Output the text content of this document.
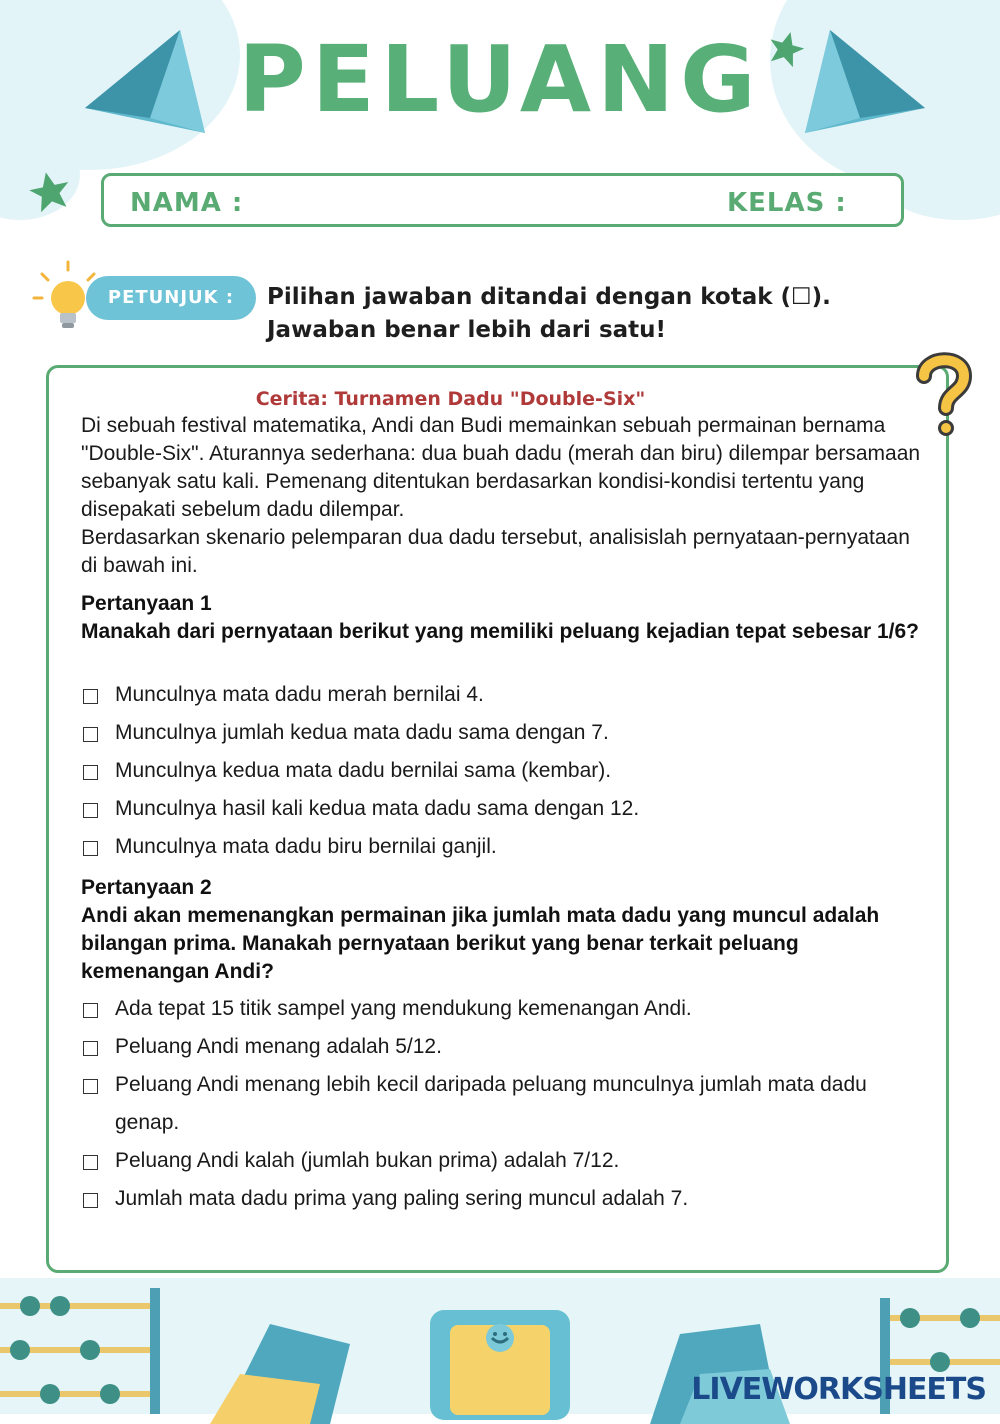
PELUANG
NAMA :	KELAS :
PETUNJUK :	Pilihan jawaban ditandai dengan kotak (☐).
Jawaban benar lebih dari satu!
Cerita: Turnamen Dadu "Double-Six"

Di sebuah festival matematika, Andi dan Budi memainkan sebuah permainan bernama "Double-Six". Aturannya sederhana: dua buah dadu (merah dan biru) dilempar bersamaan sebanyak satu kali. Pemenang ditentukan berdasarkan kondisi-kondisi tertentu yang disepakati sebelum dadu dilempar.

Berdasarkan skenario pelemparan dua dadu tersebut, analisislah pernyataan-pernyataan di bawah ini.

Pertanyaan 1
Manakah dari pernyataan berikut yang memiliki peluang kejadian tepat sebesar 1/6?
Munculnya mata dadu merah bernilai 4.
Munculnya jumlah kedua mata dadu sama dengan 7.
Munculnya kedua mata dadu bernilai sama (kembar).
Munculnya hasil kali kedua mata dadu sama dengan 12.
Munculnya mata dadu biru bernilai ganjil.
Pertanyaan 2
Andi akan memenangkan permainan jika jumlah mata dadu yang muncul adalah bilangan prima. Manakah pernyataan berikut yang benar terkait peluang kemenangan Andi?
Ada tepat 15 titik sampel yang mendukung kemenangan Andi.
Peluang Andi menang adalah 5/12.
Peluang Andi menang lebih kecil daripada peluang munculnya jumlah mata dadu genap.
Peluang Andi kalah (jumlah bukan prima) adalah 7/12.
Jumlah mata dadu prima yang paling sering muncul adalah 7.
LIVEWORKSHEETS
